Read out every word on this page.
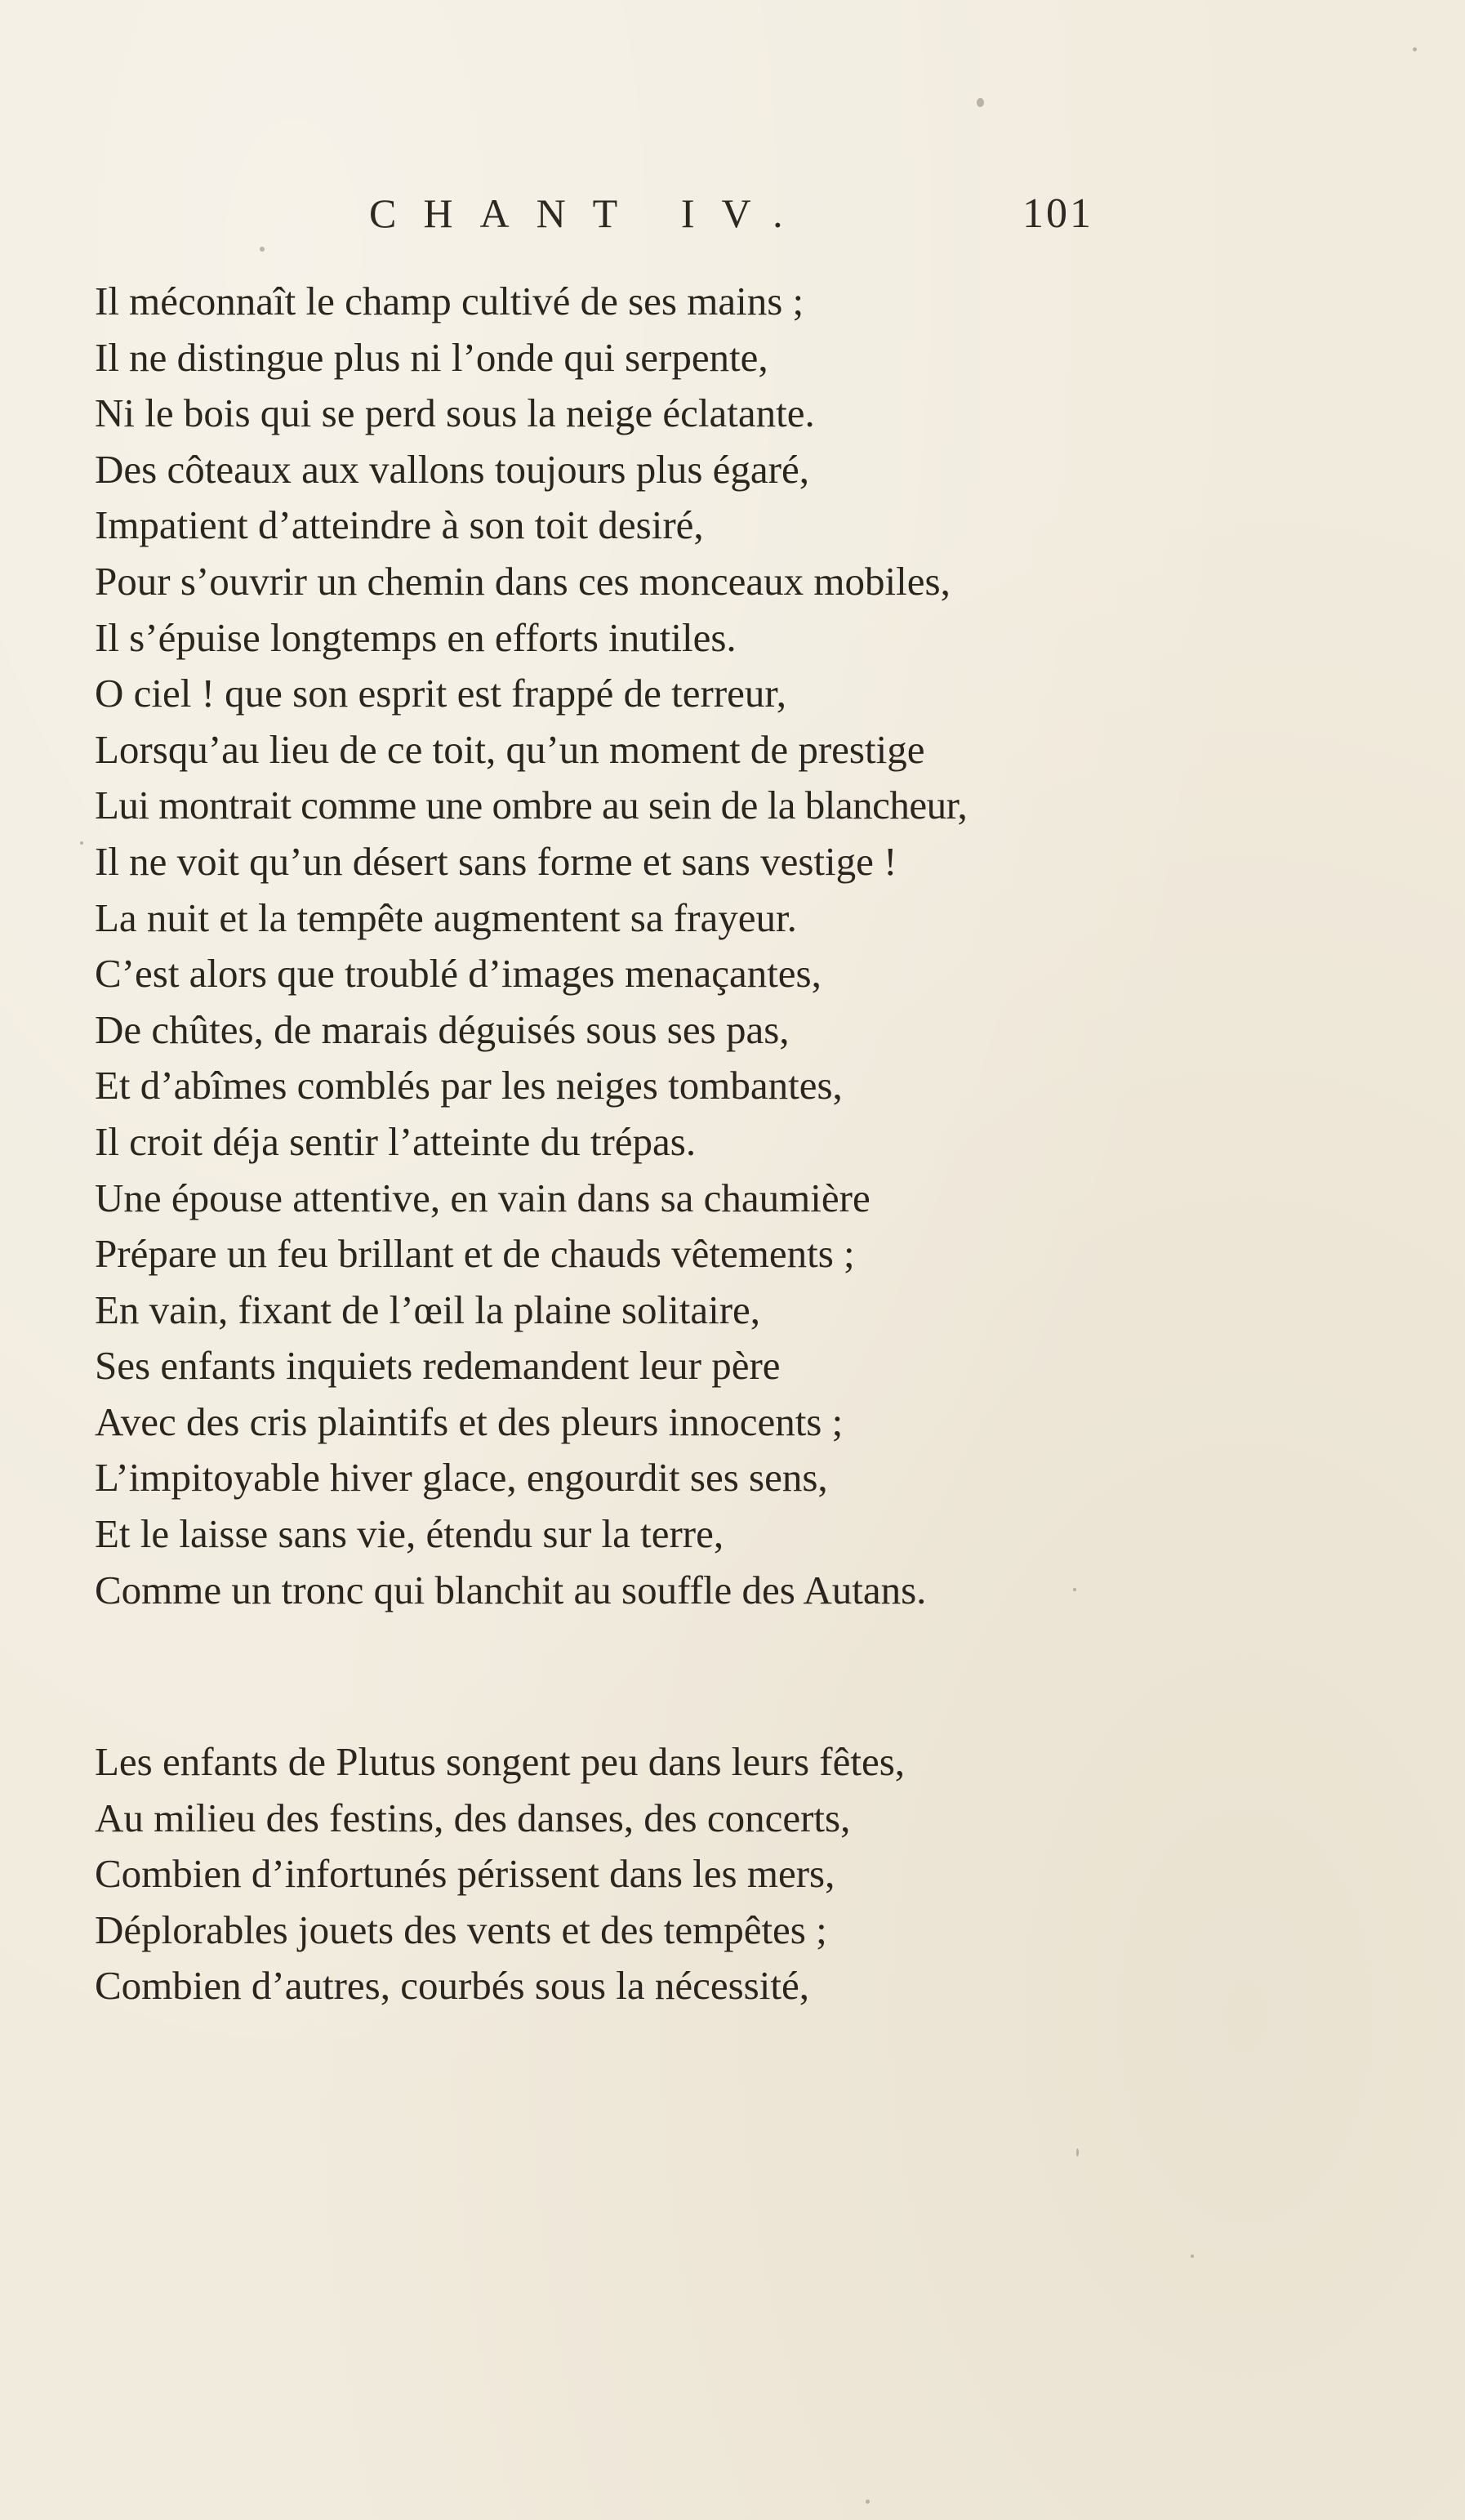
CHANT IV.	101
Il méconnaît le champ cultivé de ses mains ;
Il ne distingue plus ni l’onde qui serpente,
Ni le bois qui se perd sous la neige éclatante.
Des côteaux aux vallons toujours plus égaré,
Impatient d’atteindre à son toit desiré,
Pour s’ouvrir un chemin dans ces monceaux mobiles,
Il s’épuise longtemps en efforts inutiles.
O ciel ! que son esprit est frappé de terreur,
Lorsqu’au lieu de ce toit, qu’un moment de prestige
Lui montrait comme une ombre au sein de la blancheur,
Il ne voit qu’un désert sans forme et sans vestige !
La nuit et la tempête augmentent sa frayeur.
C’est alors que troublé d’images menaçantes,
De chûtes, de marais déguisés sous ses pas,
Et d’abîmes comblés par les neiges tombantes,
Il croit déja sentir l’atteinte du trépas.
Une épouse attentive, en vain dans sa chaumière
Prépare un feu brillant et de chauds vêtements ;
En vain, fixant de l’œil la plaine solitaire,
Ses enfants inquiets redemandent leur père
Avec des cris plaintifs et des pleurs innocents ;
L’impitoyable hiver glace, engourdit ses sens,
Et le laisse sans vie, étendu sur la terre,
Comme un tronc qui blanchit au souffle des Autans.
Les enfants de Plutus songent peu dans leurs fêtes,
Au milieu des festins, des danses, des concerts,
Combien d’infortunés périssent dans les mers,
Déplorables jouets des vents et des tempêtes ;
Combien d’autres, courbés sous la nécessité,
